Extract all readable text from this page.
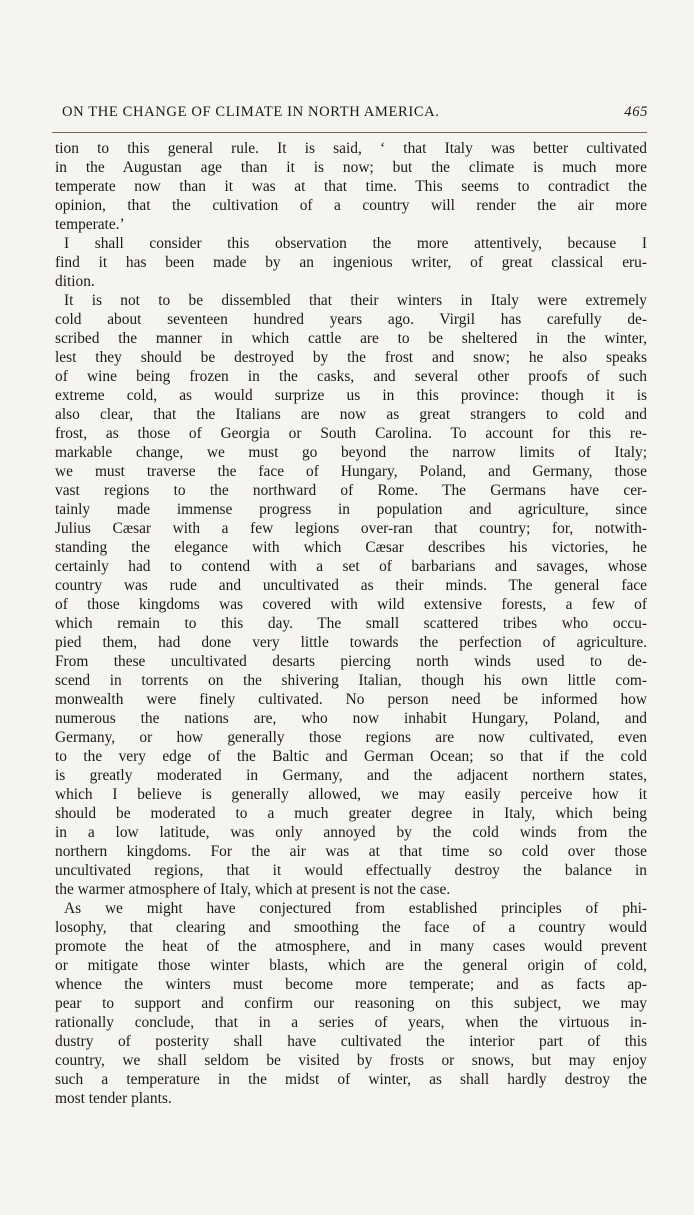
ON THE CHANGE OF CLIMATE IN NORTH AMERICA.	465
tion to this general rule. It is said, ‘ that Italy was better cultivated
in the Augustan age than it is now; but the climate is much more
temperate now than it was at that time. This seems to contradict the
opinion, that the cultivation of a country will render the air more
temperate.’
I shall consider this observation the more attentively, because I
find it has been made by an ingenious writer, of great classical eru-
dition.
It is not to be dissembled that their winters in Italy were extremely
cold about seventeen hundred years ago. Virgil has carefully de-
scribed the manner in which cattle are to be sheltered in the winter,
lest they should be destroyed by the frost and snow; he also speaks
of wine being frozen in the casks, and several other proofs of such
extreme cold, as would surprize us in this province: though it is
also clear, that the Italians are now as great strangers to cold and
frost, as those of Georgia or South Carolina. To account for this re-
markable change, we must go beyond the narrow limits of Italy;
we must traverse the face of Hungary, Poland, and Germany, those
vast regions to the northward of Rome. The Germans have cer-
tainly made immense progress in population and agriculture, since
Julius Cæsar with a few legions over-ran that country; for, notwith-
standing the elegance with which Cæsar describes his victories, he
certainly had to contend with a set of barbarians and savages, whose
country was rude and uncultivated as their minds. The general face
of those kingdoms was covered with wild extensive forests, a few of
which remain to this day. The small scattered tribes who occu-
pied them, had done very little towards the perfection of agriculture.
From these uncultivated desarts piercing north winds used to de-
scend in torrents on the shivering Italian, though his own little com-
monwealth were finely cultivated. No person need be informed how
numerous the nations are, who now inhabit Hungary, Poland, and
Germany, or how generally those regions are now cultivated, even
to the very edge of the Baltic and German Ocean; so that if the cold
is greatly moderated in Germany, and the adjacent northern states,
which I believe is generally allowed, we may easily perceive how it
should be moderated to a much greater degree in Italy, which being
in a low latitude, was only annoyed by the cold winds from the
northern kingdoms. For the air was at that time so cold over those
uncultivated regions, that it would effectually destroy the balance in
the warmer atmosphere of Italy, which at present is not the case.
As we might have conjectured from established principles of phi-
losophy, that clearing and smoothing the face of a country would
promote the heat of the atmosphere, and in many cases would prevent
or mitigate those winter blasts, which are the general origin of cold,
whence the winters must become more temperate; and as facts ap-
pear to support and confirm our reasoning on this subject, we may
rationally conclude, that in a series of years, when the virtuous in-
dustry of posterity shall have cultivated the interior part of this
country, we shall seldom be visited by frosts or snows, but may enjoy
such a temperature in the midst of winter, as shall hardly destroy the
most tender plants.
